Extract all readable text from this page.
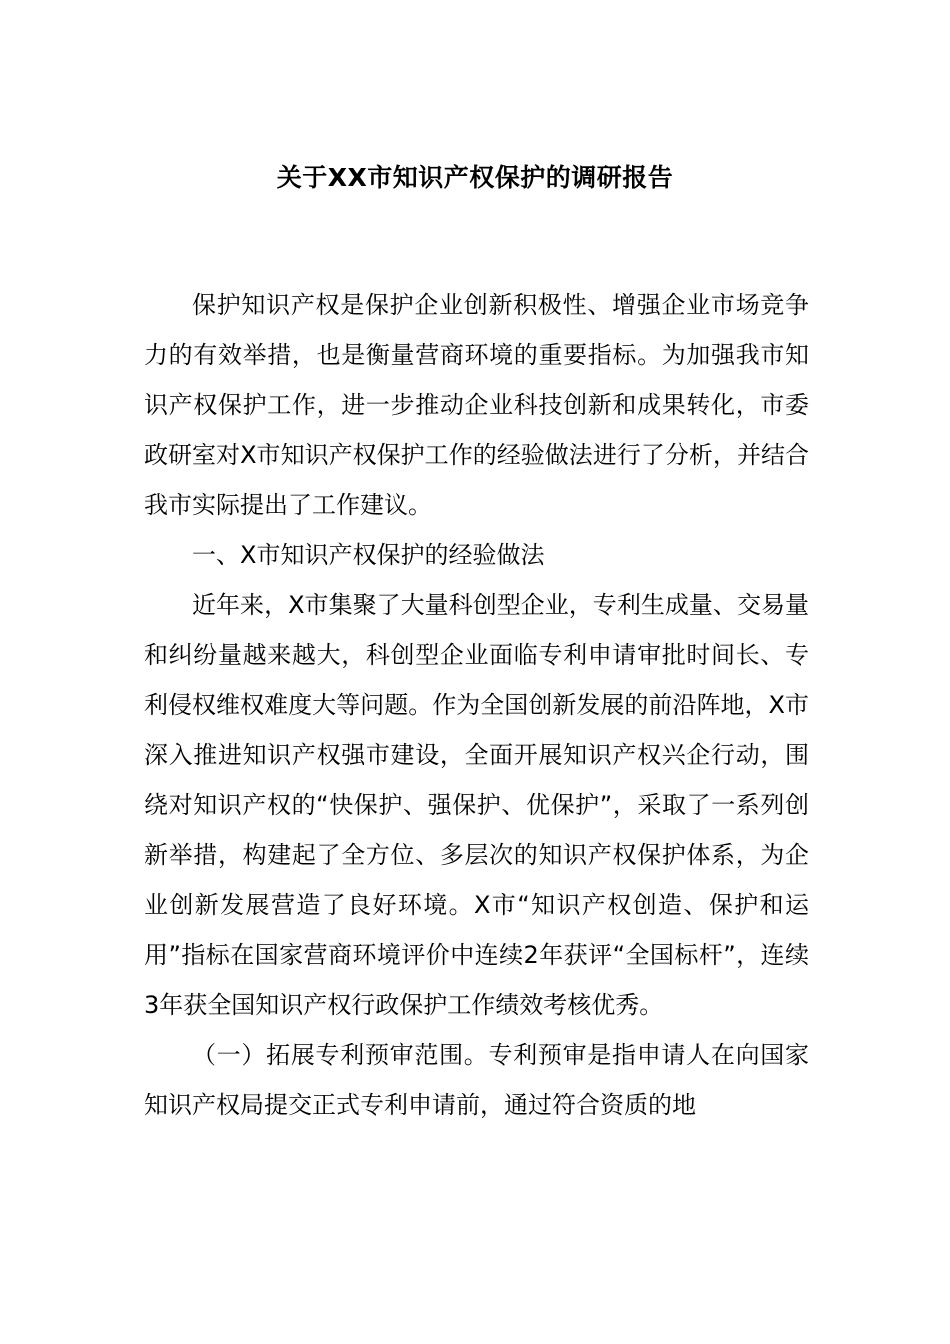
关于XX市知识产权保护的调研报告

保护知识产权是保护企业创新积极性、增强企业市场竞争力的有效举措，也是衡量营商环境的重要指标。为加强我市知识产权保护工作，进一步推动企业科技创新和成果转化，市委政研室对X市知识产权保护工作的经验做法进行了分析，并结合我市实际提出了工作建议。

一、X市知识产权保护的经验做法

近年来，X市集聚了大量科创型企业，专利生成量、交易量和纠纷量越来越大，科创型企业面临专利申请审批时间长、专利侵权维权难度大等问题。作为全国创新发展的前沿阵地，X市深入推进知识产权强市建设，全面开展知识产权兴企行动，围绕对知识产权的“快保护、强保护、优保护”，采取了一系列创新举措，构建起了全方位、多层次的知识产权保护体系，为企业创新发展营造了良好环境。X市“知识产权创造、保护和运用”指标在国家营商环境评价中连续2年获评“全国标杆”，连续3年获全国知识产权行政保护工作绩效考核优秀。

（一）拓展专利预审范围。专利预审是指申请人在向国家知识产权局提交正式专利申请前，通过符合资质的地
